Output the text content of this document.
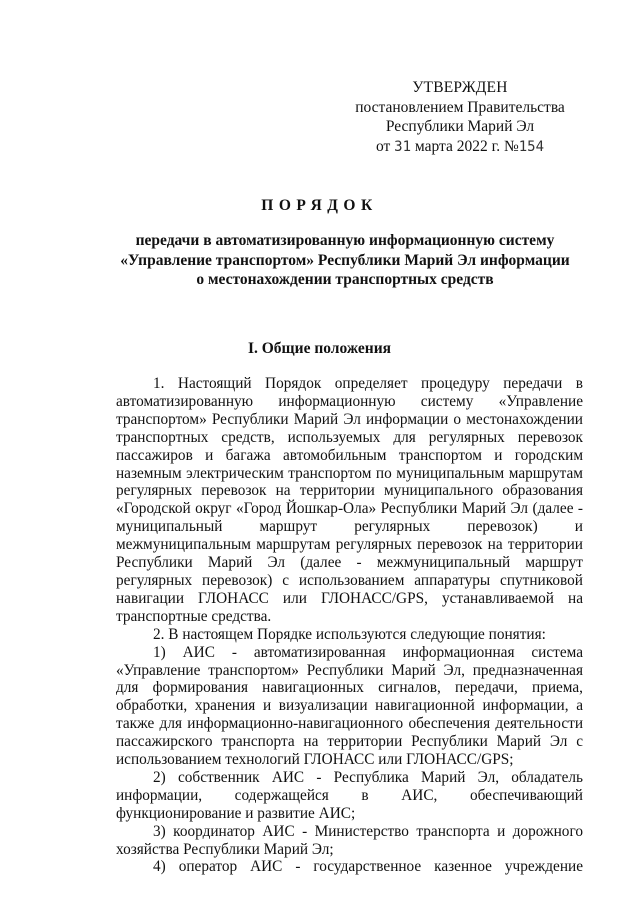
УТВЕРЖДЕН
постановлением Правительства
Республики Марий Эл
от 31 марта 2022 г. №154
ПОРЯДОК
передачи в автоматизированную информационную систему
«Управление транспортом» Республики Марий Эл информации
о местонахождении транспортных средств
I. Общие положения

1. Настоящий Порядок определяет процедуру передачи в автоматизированную информационную систему «Управление транспортом» Республики Марий Эл информации о местонахождении транспортных средств, используемых для регулярных перевозок пассажиров и багажа автомобильным транспортом и городским наземным электрическим транспортом по муниципальным маршрутам регулярных перевозок на территории муниципального образования «Городской округ «Город Йошкар-Ола» Республики Марий Эл (далее - муниципальный маршрут регулярных перевозок) и межмуниципальным маршрутам регулярных перевозок на территории Республики Марий Эл (далее - межмуниципальный маршрут регулярных перевозок) с использованием аппаратуры спутниковой навигации ГЛОНАСС или ГЛОНАСС/GPS, устанавливаемой на транспортные средства.

2. В настоящем Порядке используются следующие понятия:

1) АИС - автоматизированная информационная система «Управление транспортом» Республики Марий Эл, предназначенная для формирования навигационных сигналов, передачи, приема, обработки, хранения и визуализации навигационной информации, а также для информационно-навигационного обеспечения деятельности пассажирского транспорта на территории Республики Марий Эл с использованием технологий ГЛОНАСС или ГЛОНАСС/GPS;

2) собственник АИС - Республика Марий Эл, обладатель информации, содержащейся в АИС, обеспечивающий функционирование и развитие АИС;

3) координатор АИС - Министерство транспорта и дорожного хозяйства Республики Марий Эл;

4) оператор АИС - государственное казенное учреждение
